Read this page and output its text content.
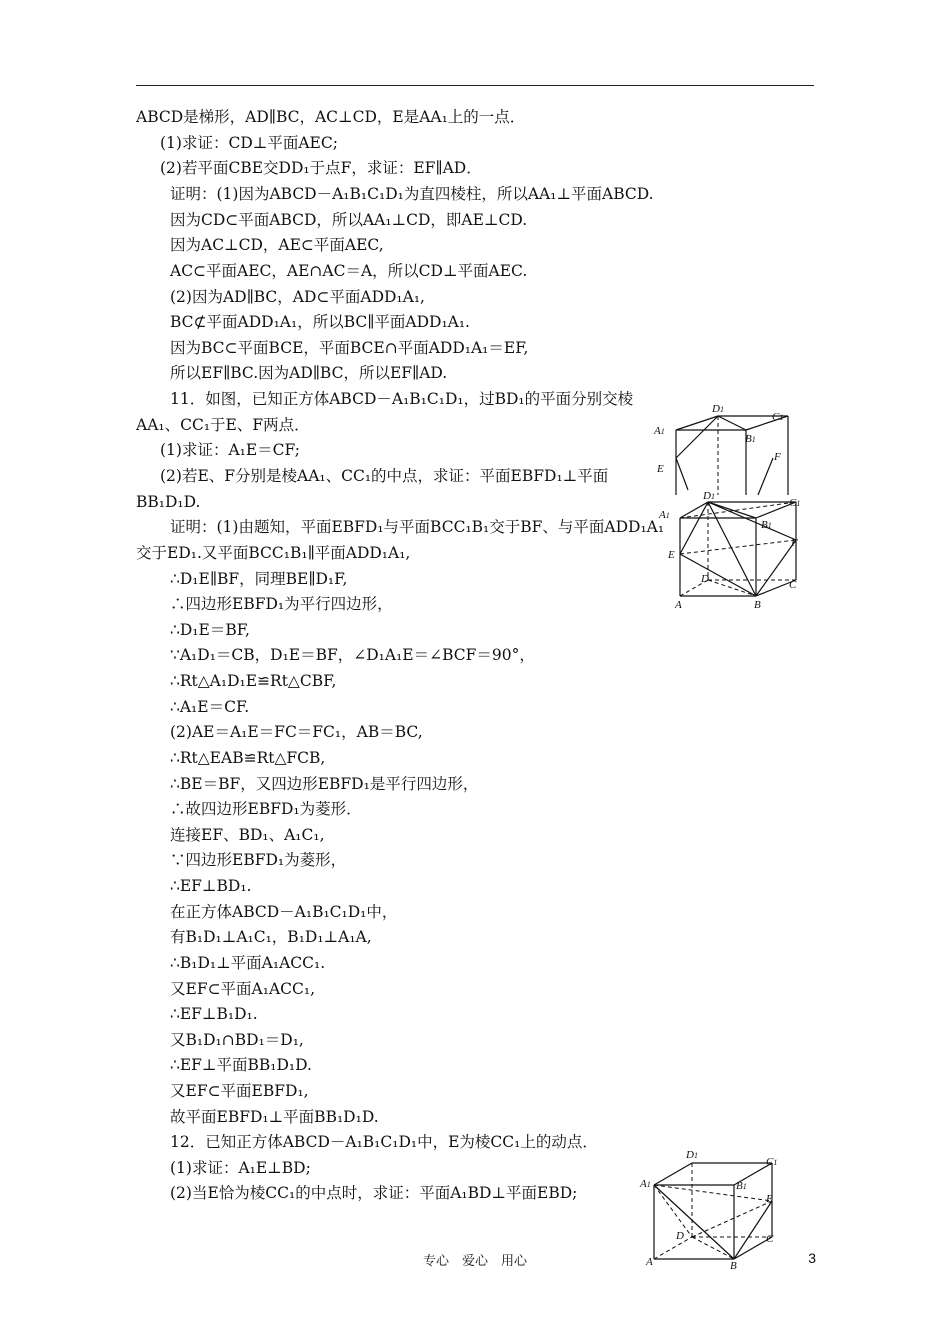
ABCD是梯形，AD∥BC，AC⊥CD，E是AA₁上的一点．
(1)求证：CD⊥平面AEC;
(2)若平面CBE交DD₁于点F，求证：EF∥AD．
证明：(1)因为ABCD－A₁B₁C₁D₁为直四棱柱，所以AA₁⊥平面ABCD.
因为CD⊂平面ABCD，所以AA₁⊥CD，即AE⊥CD.
因为AC⊥CD，AE⊂平面AEC,
AC⊂平面AEC，AE∩AC＝A，所以CD⊥平面AEC.
(2)因为AD∥BC，AD⊂平面ADD₁A₁,
BC⊄平面ADD₁A₁，所以BC∥平面ADD₁A₁.
因为BC⊂平面BCE，平面BCE∩平面ADD₁A₁＝EF,
所以EF∥BC.因为AD∥BC，所以EF∥AD.
11．如图，已知正方体ABCD－A₁B₁C₁D₁，过BD₁的平面分别交棱
AA₁、CC₁于E、F两点．
(1)求证：A₁E＝CF;
(2)若E、F分别是棱AA₁、CC₁的中点，求证：平面EBFD₁⊥平面
BB₁D₁D.
证明：(1)由题知，平面EBFD₁与平面BCC₁B₁交于BF、与平面ADD₁A₁
交于ED₁.又平面BCC₁B₁∥平面ADD₁A₁,
∴D₁E∥BF，同理BE∥D₁F,
∴四边形EBFD₁为平行四边形，
∴D₁E＝BF,
∵A₁D₁＝CB，D₁E＝BF，∠D₁A₁E＝∠BCF＝90°，
∴Rt△A₁D₁E≌Rt△CBF,
∴A₁E＝CF.
(2)AE＝A₁E＝FC＝FC₁，AB＝BC,
∴Rt△EAB≌Rt△FCB,
∴BE＝BF，又四边形EBFD₁是平行四边形，
∴故四边形EBFD₁为菱形．
连接EF、BD₁、A₁C₁,
∵四边形EBFD₁为菱形，
∴EF⊥BD₁.
在正方体ABCD－A₁B₁C₁D₁中，
有B₁D₁⊥A₁C₁，B₁D₁⊥A₁A,
∴B₁D₁⊥平面A₁ACC₁.
又EF⊂平面A₁ACC₁,
∴EF⊥B₁D₁.
又B₁D₁∩BD₁＝D₁,
∴EF⊥平面BB₁D₁D.
又EF⊂平面EBFD₁,
故平面EBFD₁⊥平面BB₁D₁D.
12．已知正方体ABCD－A₁B₁C₁D₁中，E为棱CC₁上的动点．
(1)求证：A₁E⊥BD;
(2)当E恰为棱CC₁的中点时，求证：平面A₁BD⊥平面EBD;
D1
C1
A1
B1
E
F
D1
C1
A1
B1
E
F
D	C
A	B
D1
C1
A1	B1
E
D	C
A	B
专心　爱心　用心	3
